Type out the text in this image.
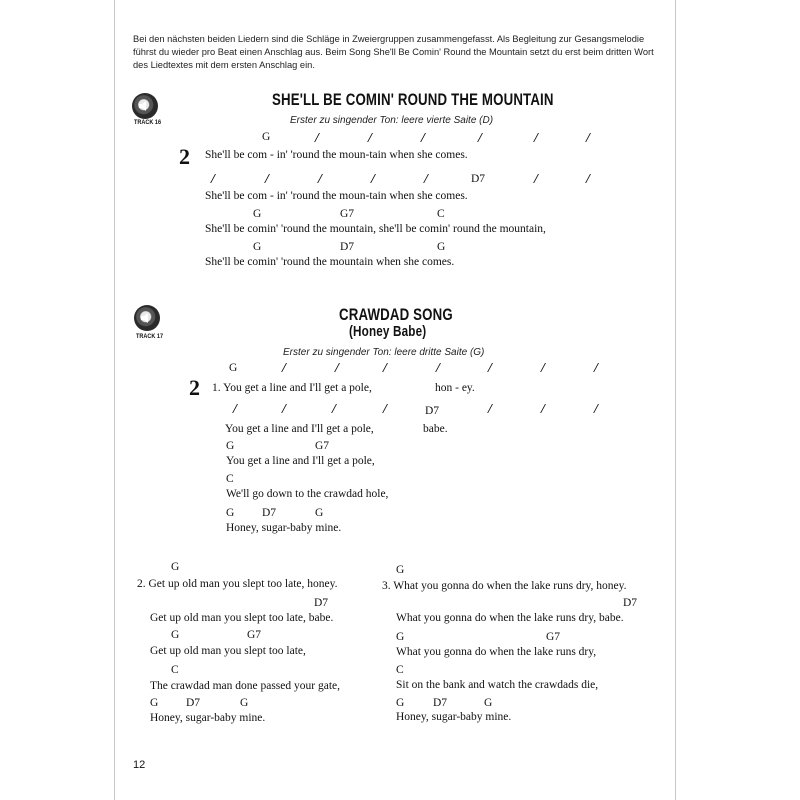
Bei den nächsten beiden Liedern sind die Schläge in Zweiergruppen zusammengefasst. Als Begleitung zur Gesangsmelodie führst du wieder pro Beat einen Anschlag aus. Beim Song She'll Be Comin' Round the Mountain setzt du erst beim dritten Wort des Liedtextes mit dem ersten Anschlag ein.
TRACK 16
SHE'LL BE COMIN' ROUND THE MOUNTAIN
Erster zu singender Ton: leere vierte Saite (D)
G	/	/	/	/	/	/
2 She'll be com - in' 'round the moun-tain when she comes.
/	/	/	/	/	D7	/	/
She'll be com - in' 'round the moun-tain when she comes.
G	G7	C
She'll be comin' 'round the mountain, she'll be comin' round the mountain,
G	D7	G
She'll be comin' 'round the mountain when she comes.
TRACK 17
CRAWDAD SONG
(Honey Babe)
Erster zu singender Ton: leere dritte Saite (G)
G	/	/	/	/	/	/	/
2 1. You get a line and I'll get a pole,	hon - ey.
/	/	/	/	D7	/	/	/
You get a line and I'll get a pole,	babe.
G	G7
You get a line and I'll get a pole,
C
We'll go down to the crawdad hole,
G D7	G
Honey, sugar-baby mine.
G
2. Get up old man you slept too late, honey.
D7
Get up old man you slept too late, babe.
G	G7
Get up old man you slept too late,
C
The crawdad man done passed your gate,
G D7	G
Honey, sugar-baby mine.
G
3. What you gonna do when the lake runs dry, honey.
D7
What you gonna do when the lake runs dry, babe.
G	G7
What you gonna do when the lake runs dry,
C
Sit on the bank and watch the crawdads die,
G D7	G
Honey, sugar-baby mine.
12
